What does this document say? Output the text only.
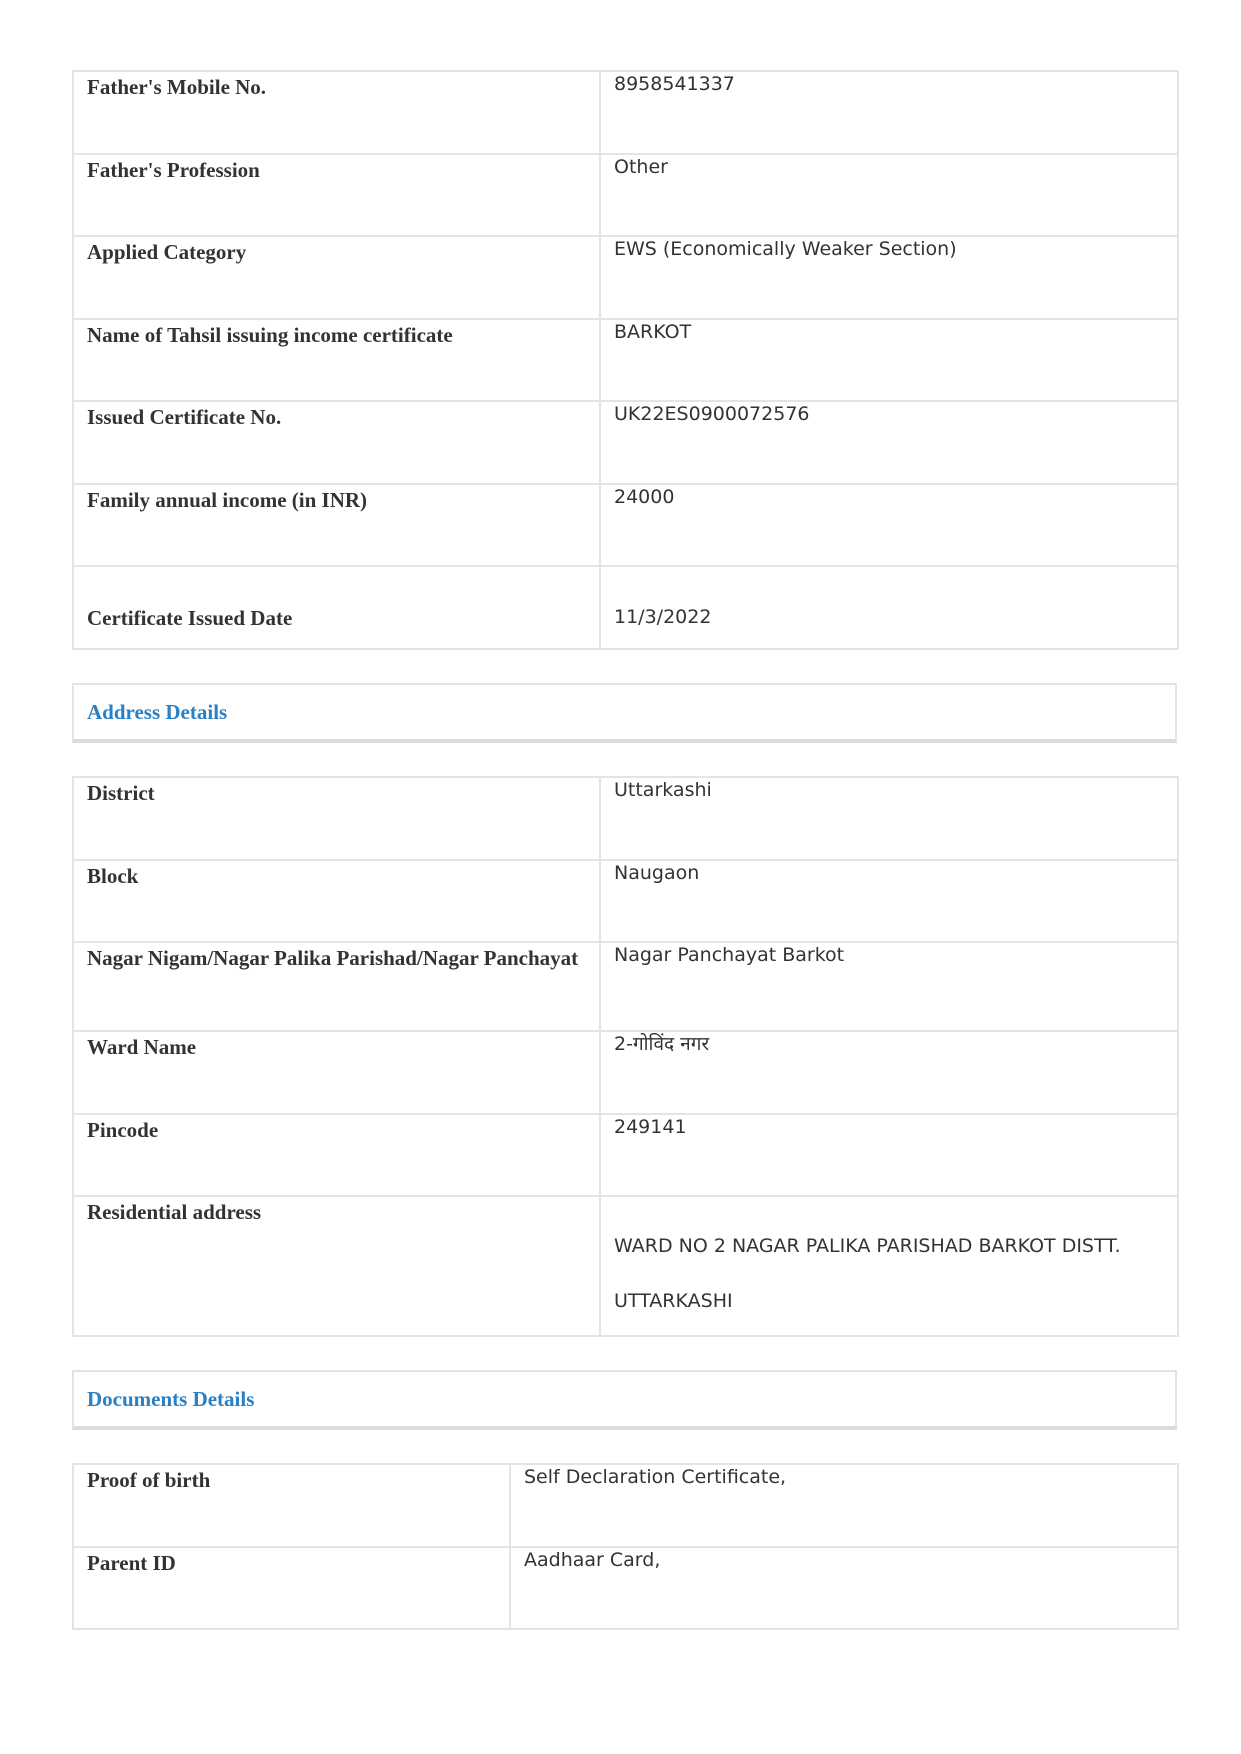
Father's Mobile No.	8958541337
Father's Profession	Other
Applied Category	EWS (Economically Weaker Section)
Name of Tahsil issuing income certificate	BARKOT
Issued Certificate No.	UK22ES0900072576
Family annual income (in INR)	24000
Certificate Issued Date	11/3/2022
Address Details
District	Uttarkashi
Block	Naugaon
Nagar Nigam/Nagar Palika Parishad/Nagar Panchayat	Nagar Panchayat Barkot
Ward Name	2-गोविंद नगर
Pincode	249141
Residential address	WARD NO 2 NAGAR PALIKA PARISHAD BARKOT DISTT. UTTARKASHI
Documents Details
Proof of birth	Self Declaration Certificate,
Parent ID	Aadhaar Card,
